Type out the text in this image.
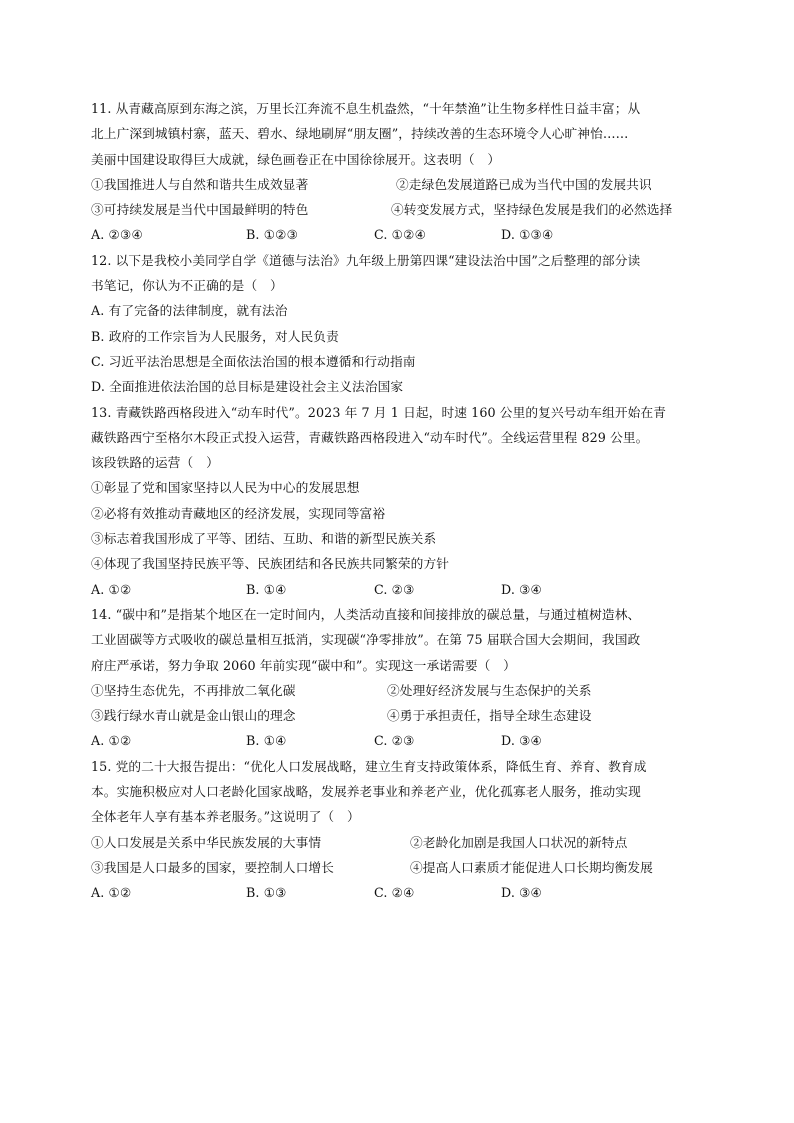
11. 从青藏高原到东海之滨，万里长江奔流不息生机盎然，“十年禁渔”让生物多样性日益丰富；从
北上广深到城镇村寨，蓝天、碧水、绿地刷屏“朋友圈”，持续改善的生态环境令人心旷神怡……
美丽中国建设取得巨大成就，绿色画卷正在中国徐徐展开。这表明（　）
①我国推进人与自然和谐共生成效显著	②走绿色发展道路已成为当代中国的发展共识
③可持续发展是当代中国最鲜明的特色	④转变发展方式，坚持绿色发展是我们的必然选择
A. ②③④	B. ①②③	C. ①②④	D. ①③④
12. 以下是我校小美同学自学《道德与法治》九年级上册第四课“建设法治中国”之后整理的部分读
书笔记，你认为不正确的是（　）
A. 有了完备的法律制度，就有法治
B. 政府的工作宗旨为人民服务，对人民负责
C. 习近平法治思想是全面依法治国的根本遵循和行动指南
D. 全面推进依法治国的总目标是建设社会主义法治国家
13. 青藏铁路西格段进入“动车时代”。2023 年 7 月 1 日起，时速 160 公里的复兴号动车组开始在青
藏铁路西宁至格尔木段正式投入运营，青藏铁路西格段进入“动车时代”。全线运营里程 829 公里。
该段铁路的运营（　）
①彰显了党和国家坚持以人民为中心的发展思想
②必将有效推动青藏地区的经济发展，实现同等富裕
③标志着我国形成了平等、团结、互助、和谐的新型民族关系
④体现了我国坚持民族平等、民族团结和各民族共同繁荣的方针
A. ①②	B. ①④	C. ②③	D. ③④
14. “碳中和”是指某个地区在一定时间内，人类活动直接和间接排放的碳总量，与通过植树造林、
工业固碳等方式吸收的碳总量相互抵消，实现碳“净零排放”。在第 75 届联合国大会期间，我国政
府庄严承诺，努力争取 2060 年前实现“碳中和”。实现这一承诺需要（　）
①坚持生态优先，不再排放二氧化碳	②处理好经济发展与生态保护的关系
③践行绿水青山就是金山银山的理念	④勇于承担责任，指导全球生态建设
A. ①②	B. ①④	C. ②③	D. ③④
15. 党的二十大报告提出：“优化人口发展战略，建立生育支持政策体系，降低生育、养育、教育成
本。实施积极应对人口老龄化国家战略，发展养老事业和养老产业，优化孤寡老人服务，推动实现
全体老年人享有基本养老服务。”这说明了（　）
①人口发展是关系中华民族发展的大事情	②老龄化加剧是我国人口状况的新特点
③我国是人口最多的国家，要控制人口增长	④提高人口素质才能促进人口长期均衡发展
A. ①②	B. ①③	C. ②④	D. ③④
